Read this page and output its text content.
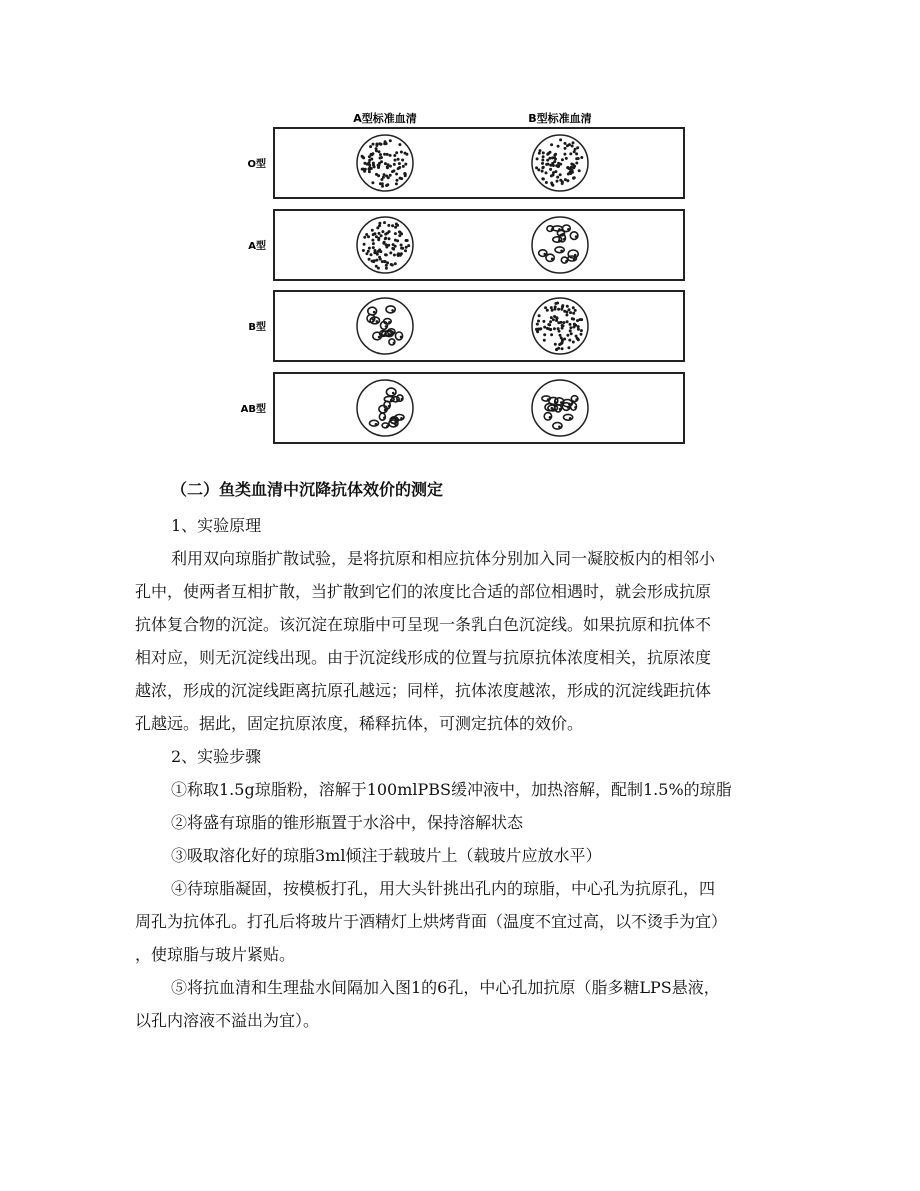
A型标准血清	B型标准血清
O型
A型
B型
AB型
（二）鱼类血清中沉降抗体效价的测定
1、实验原理
利用双向琼脂扩散试验，是将抗原和相应抗体分别加入同一凝胶板内的相邻小
孔中，使两者互相扩散，当扩散到它们的浓度比合适的部位相遇时，就会形成抗原
抗体复合物的沉淀。该沉淀在琼脂中可呈现一条乳白色沉淀线。如果抗原和抗体不
相对应，则无沉淀线出现。由于沉淀线形成的位置与抗原抗体浓度相关，抗原浓度
越浓，形成的沉淀线距离抗原孔越远；同样，抗体浓度越浓，形成的沉淀线距抗体
孔越远。据此，固定抗原浓度，稀释抗体，可测定抗体的效价。
2、实验步骤
①称取1.5g琼脂粉，溶解于100mlPBS缓冲液中，加热溶解，配制1.5%的琼脂
②将盛有琼脂的锥形瓶置于水浴中，保持溶解状态
③吸取溶化好的琼脂3ml倾注于载玻片上（载玻片应放水平）
④待琼脂凝固，按模板打孔，用大头针挑出孔内的琼脂，中心孔为抗原孔，四
周孔为抗体孔。打孔后将玻片于酒精灯上烘烤背面（温度不宜过高，以不烫手为宜）
，使琼脂与玻片紧贴。
⑤将抗血清和生理盐水间隔加入图1的6孔，中心孔加抗原（脂多糖LPS悬液，
以孔内溶液不溢出为宜）。
